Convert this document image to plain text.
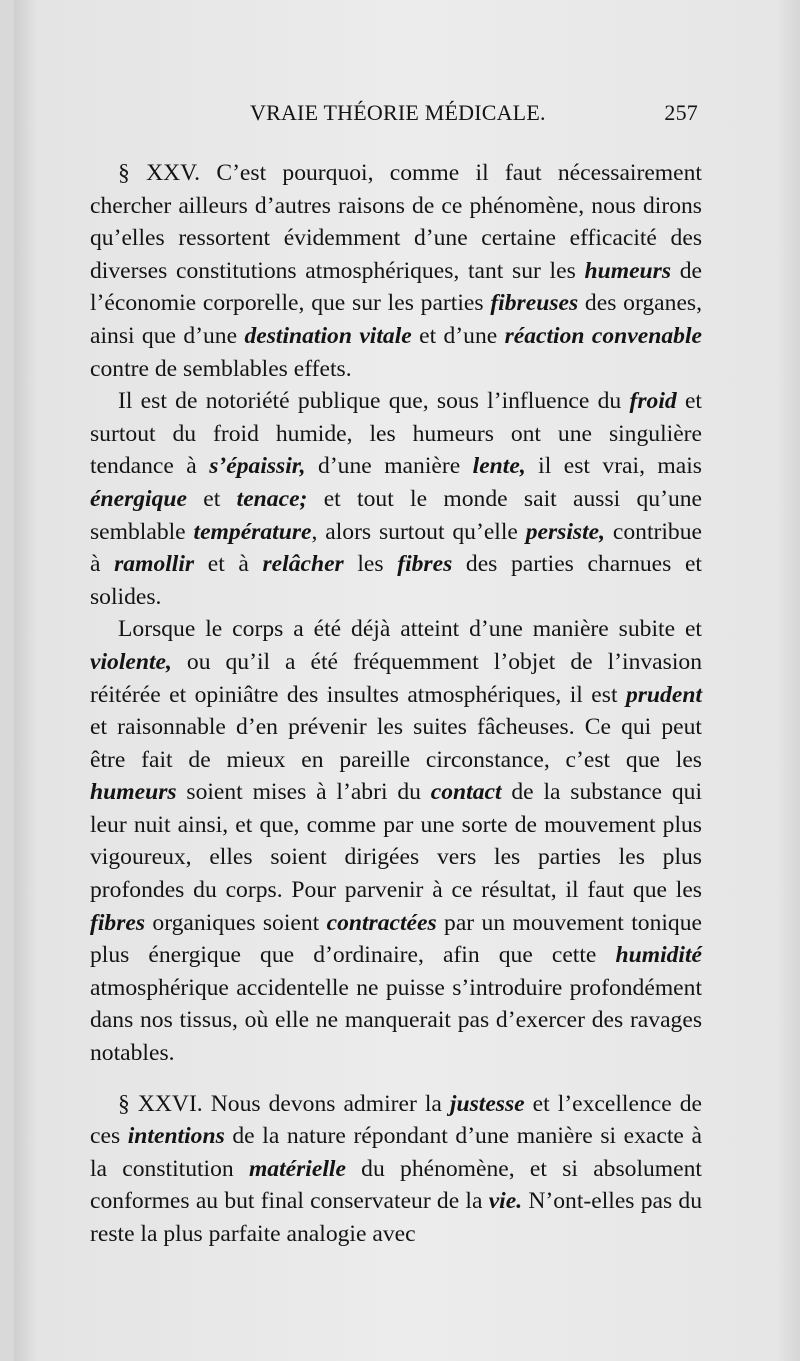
VRAIE THÉORIE MÉDICALE.	257

§ XXV. C’est pourquoi, comme il faut nécessairement chercher ailleurs d’autres raisons de ce phénomène, nous dirons qu’elles ressortent évidemment d’une certaine efficacité des diverses constitutions atmosphériques, tant sur les humeurs de l’économie corporelle, que sur les parties fibreuses des organes, ainsi que d’une destination vitale et d’une réaction convenable contre de semblables effets.

Il est de notoriété publique que, sous l’influence du froid et surtout du froid humide, les humeurs ont une singulière tendance à s’épaissir, d’une manière lente, il est vrai, mais énergique et tenace; et tout le monde sait aussi qu’une semblable température, alors surtout qu’elle persiste, contribue à ramollir et à relâcher les fibres des parties charnues et solides.

Lorsque le corps a été déjà atteint d’une manière subite et violente, ou qu’il a été fréquemment l’objet de l’invasion réitérée et opiniâtre des insultes atmosphériques, il est prudent et raisonnable d’en prévenir les suites fâcheuses. Ce qui peut être fait de mieux en pareille circonstance, c’est que les humeurs soient mises à l’abri du contact de la substance qui leur nuit ainsi, et que, comme par une sorte de mouvement plus vigoureux, elles soient dirigées vers les parties les plus profondes du corps. Pour parvenir à ce résultat, il faut que les fibres organiques soient contractées par un mouvement tonique plus énergique que d’ordinaire, afin que cette humidité atmosphérique accidentelle ne puisse s’introduire profondément dans nos tissus, où elle ne manquerait pas d’exercer des ravages notables.

§ XXVI. Nous devons admirer la justesse et l’excellence de ces intentions de la nature répondant d’une manière si exacte à la constitution matérielle du phénomène, et si absolument conformes au but final conservateur de la vie. N’ont-elles pas du reste la plus parfaite analogie avec
